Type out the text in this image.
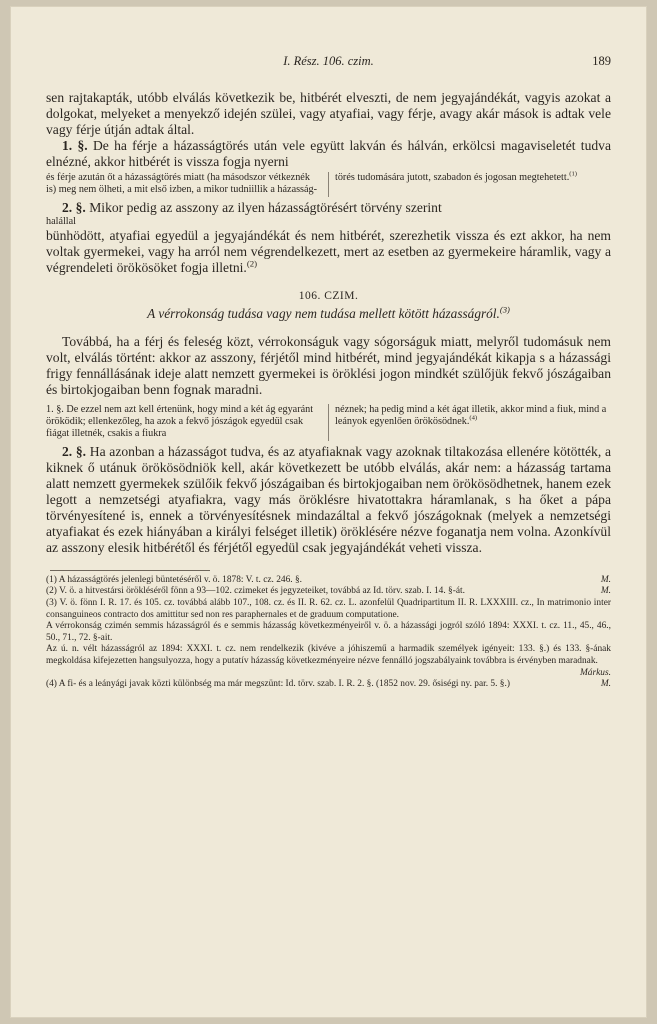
I. Rész. 106. czim.	189

sen rajtakapták, utóbb elválás következik be, hitbérét elveszti, de nem jegyajándékát, vagyis azokat a dolgokat, melyeket a menyekző idején szülei, vagy atyafiai, vagy férje, avagy akár mások is adtak vele vagy férje útján adtak által.

1. §. De ha férje a házasságtörés után vele együtt lakván és hálván, erkölcsi magaviseletét tudva elnézné, akkor hitbérét is vissza fogja nyerni

és férje azután őt a házasságtörés miatt (ha másodszor vétkeznék is) meg nem ölheti, a mit első izben, a mikor tudniillik a házasság-
törés tudomására jutott, szabadon és jogosan megtehetett.$^{(1)}$

2. §. Mikor pedig az asszony az ilyen házasságtörésért törvény szerint

halállal

bünhödött, atyafiai egyedül a jegyajándékát és nem hitbérét, szerezhetik vissza és ezt akkor, ha nem voltak gyermekei, vagy ha arról nem végrendelkezett, mert az esetben az gyermekeire háramlik, vagy a végrendeleti örökösöket fogja illetni.$^{(2)}$

106. CZIM.
A vérrokonság tudása vagy nem tudása mellett kötött házasságról.$^{(3)}$

Továbbá, ha a férj és feleség közt, vérrokonságuk vagy sógorságuk miatt, melyről tudomásuk nem volt, elválás történt: akkor az asszony, férjétől mind hitbérét, mind jegyajándékát kikapja s a házassági frigy fennállásának ideje alatt nemzett gyermekei is öröklési jogon mindkét szülőjük fekvő jószágaiban és birtokjogaiban benn fognak maradni.

1. §. De ezzel nem azt kell értenünk, hogy mind a két ág egyaránt öröködik; ellenkezőleg, ha azok a fekvő jószágok egyedül csak fiágat illetnék, csakis a fiukra
néznek; ha pedig mind a két ágat illetik, akkor mind a fiuk, mind a leányok egyenlően örökösödnek.$^{(4)}$

2. §. Ha azonban a házasságot tudva, és az atyafiaknak vagy azoknak tiltakozása ellenére kötötték, a kiknek ő utánuk örökösödniök kell, akár következett be utóbb elválás, akár nem: a házasság tartama alatt nemzett gyermekek szülőik fekvő jószágaiban és birtokjogaiban nem örökösödhetnek, hanem ezek legott a nemzetségi atyafiakra, vagy más öröklésre hivatottakra háramlanak, s ha őket a pápa törvényesítené is, ennek a törvényesítésnek mindazáltal a fekvő jószágoknak (melyek a nemzetségi atyafiakat és ezek hiányában a királyi felséget illetik) öröklésére nézve foganatja nem volna. Azonkívül az asszony elesik hitbérétől és férjétől egyedül csak jegyajándékát veheti vissza.

(1) A házasságtörés jelenlegi büntetéséről v. ö. 1878: V. t. cz. 246. §.	M.
(2) V. ö. a hitvestársi örökléséről fönn a 93—102. czimeket és jegyzeteiket, továbbá az Id. törv. szab. I. 14. §-át.	M.
(3) V. ö. fönn I. R. 17. és 105. cz. továbbá alább 107., 108. cz. és II. R. 62. cz. L. azonfelül Quadripartitum II. R. LXXXIII. cz., In matrimonio inter consanguineos contracto dos amittitur sed non res paraphernales et de graduum computatione.
A vérrokonság czimén semmis házasságról és e semmis házasság következményeiről v. ö. a házassági jogról szóló 1894: XXXI. t. cz. 11., 45., 46., 50., 71., 72. §-ait.
Az ú. n. vélt házasságról az 1894: XXXI. t. cz. nem rendelkezik (kivéve a jóhiszemű a harmadik személyek igényeit: 133. §.) és 133. §-ának megkoldása kifejezetten hangsulyozza, hogy a putatív házasság következményeire nézve fennálló jogszabályaink továbbra is érvényben maradnak.
Márkus.
(4) A fi- és a leányági javak közti különbség ma már megszünt: Id. törv. szab. I. R. 2. §. (1852 nov. 29. ősiségi ny. par. 5. §.)	M.
